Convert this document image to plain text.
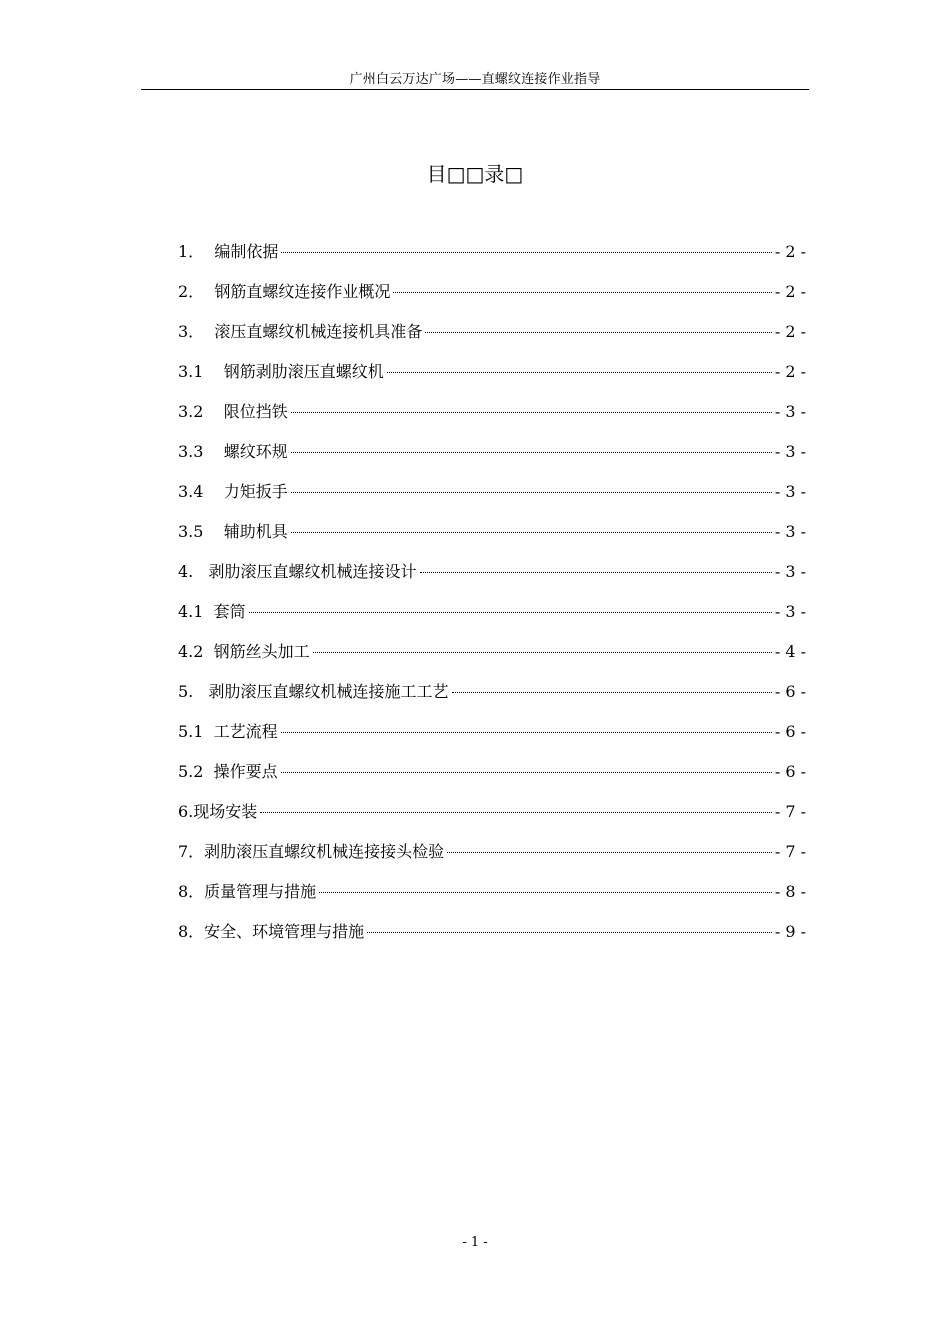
广州白云万达广场——直螺纹连接作业指导
目□□录□
1．  编制依据	- 2 -
2．  钢筋直螺纹连接作业概况	- 2 -
3．  滚压直螺纹机械连接机具准备	- 2 -
3.1    钢筋剥肋滚压直螺纹机	- 2 -
3.2    限位挡铁	- 3 -
3.3    螺纹环规	- 3 -
3.4    力矩扳手	- 3 -
3.5    辅助机具	- 3 -
4.   剥肋滚压直螺纹机械连接设计	- 3 -
4.1  套筒	- 3 -
4.2  钢筋丝头加工	- 4 -
5.   剥肋滚压直螺纹机械连接施工工艺	- 6 -
5.1  工艺流程	- 6 -
5.2  操作要点	- 6 -
6.现场安装	- 7 -
7．剥肋滚压直螺纹机械连接接头检验	- 7 -
8．质量管理与措施	- 8 -
8．安全、环境管理与措施	- 9 -
- 1 -
